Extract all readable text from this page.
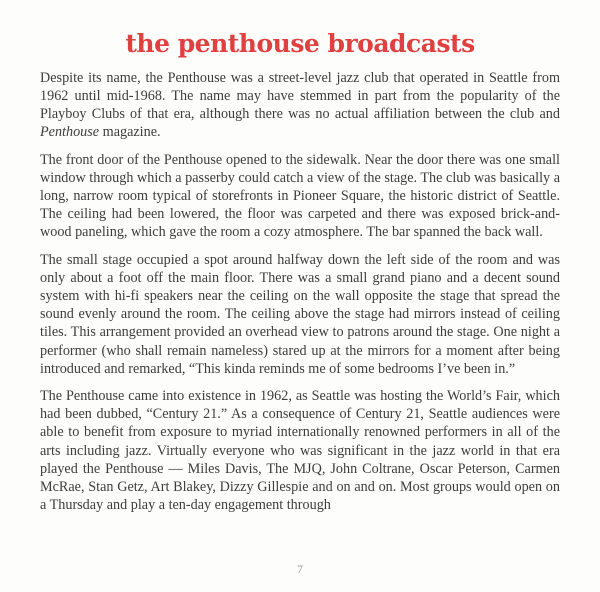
the penthouse broadcasts

Despite its name, the Penthouse was a street-level jazz club that operated in Seattle from 1962 until mid-1968. The name may have stemmed in part from the popularity of the Playboy Clubs of that era, although there was no actual affiliation between the club and Penthouse magazine.

The front door of the Penthouse opened to the sidewalk. Near the door there was one small window through which a passerby could catch a view of the stage. The club was basically a long, narrow room typical of storefronts in Pioneer Square, the historic district of Seattle. The ceiling had been lowered, the floor was carpeted and there was exposed brick-and-wood paneling, which gave the room a cozy atmosphere. The bar spanned the back wall.

The small stage occupied a spot around halfway down the left side of the room and was only about a foot off the main floor. There was a small grand piano and a decent sound system with hi-fi speakers near the ceiling on the wall opposite the stage that spread the sound evenly around the room. The ceiling above the stage had mirrors instead of ceiling tiles. This arrangement provided an overhead view to patrons around the stage. One night a performer (who shall remain nameless) stared up at the mirrors for a moment after being introduced and remarked, “This kinda reminds me of some bedrooms I’ve been in.”

The Penthouse came into existence in 1962, as Seattle was hosting the World’s Fair, which had been dubbed, “Century 21.” As a consequence of Century 21, Seattle audiences were able to benefit from exposure to myriad internationally renowned performers in all of the arts including jazz. Virtually everyone who was significant in the jazz world in that era played the Penthouse — Miles Davis, The MJQ, John Coltrane, Oscar Peterson, Carmen McRae, Stan Getz, Art Blakey, Dizzy Gillespie and on and on. Most groups would open on a Thursday and play a ten-day engagement through

7
